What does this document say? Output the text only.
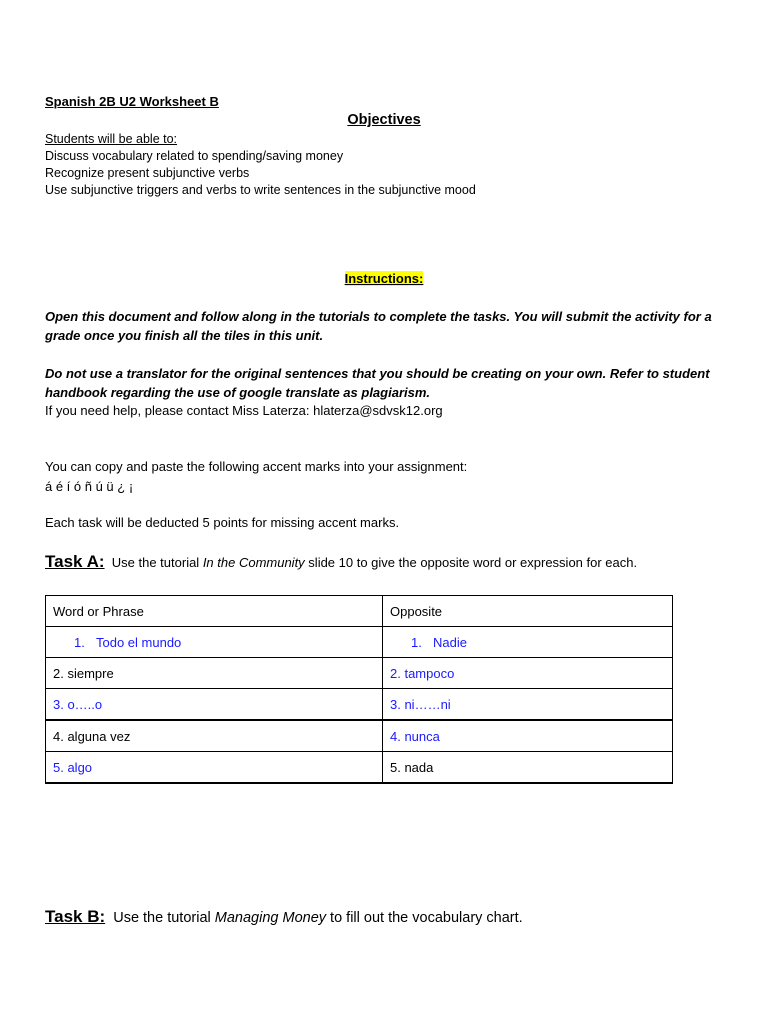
Spanish 2B U2 Worksheet B
Objectives
Students will be able to:
Discuss vocabulary related to spending/saving money
Recognize present subjunctive verbs
Use subjunctive triggers and verbs to write sentences in the subjunctive mood
Instructions:
Open this document and follow along in the tutorials to complete the tasks. You will submit the activity for a grade once you finish all the tiles in this unit.
Do not use a translator for the original sentences that you should be creating on your own. Refer to student handbook regarding the use of google translate as plagiarism.
If you need help, please contact Miss Laterza: hlaterza@sdvsk12.org
You can copy and paste the following accent marks into your assignment:
á é í ó ñ ú ü ¿ ¡
Each task will be deducted 5 points for missing accent marks.
Task A: Use the tutorial In the Community slide 10 to give the opposite word or expression for each.
Word or Phrase	Opposite
1. Todo el mundo	1. Nadie
2. siempre	2. tampoco
3. o…..o	3. ni……ni
4. alguna vez	4. nunca
5. algo	5. nada
Task B: Use the tutorial Managing Money to fill out the vocabulary chart.
